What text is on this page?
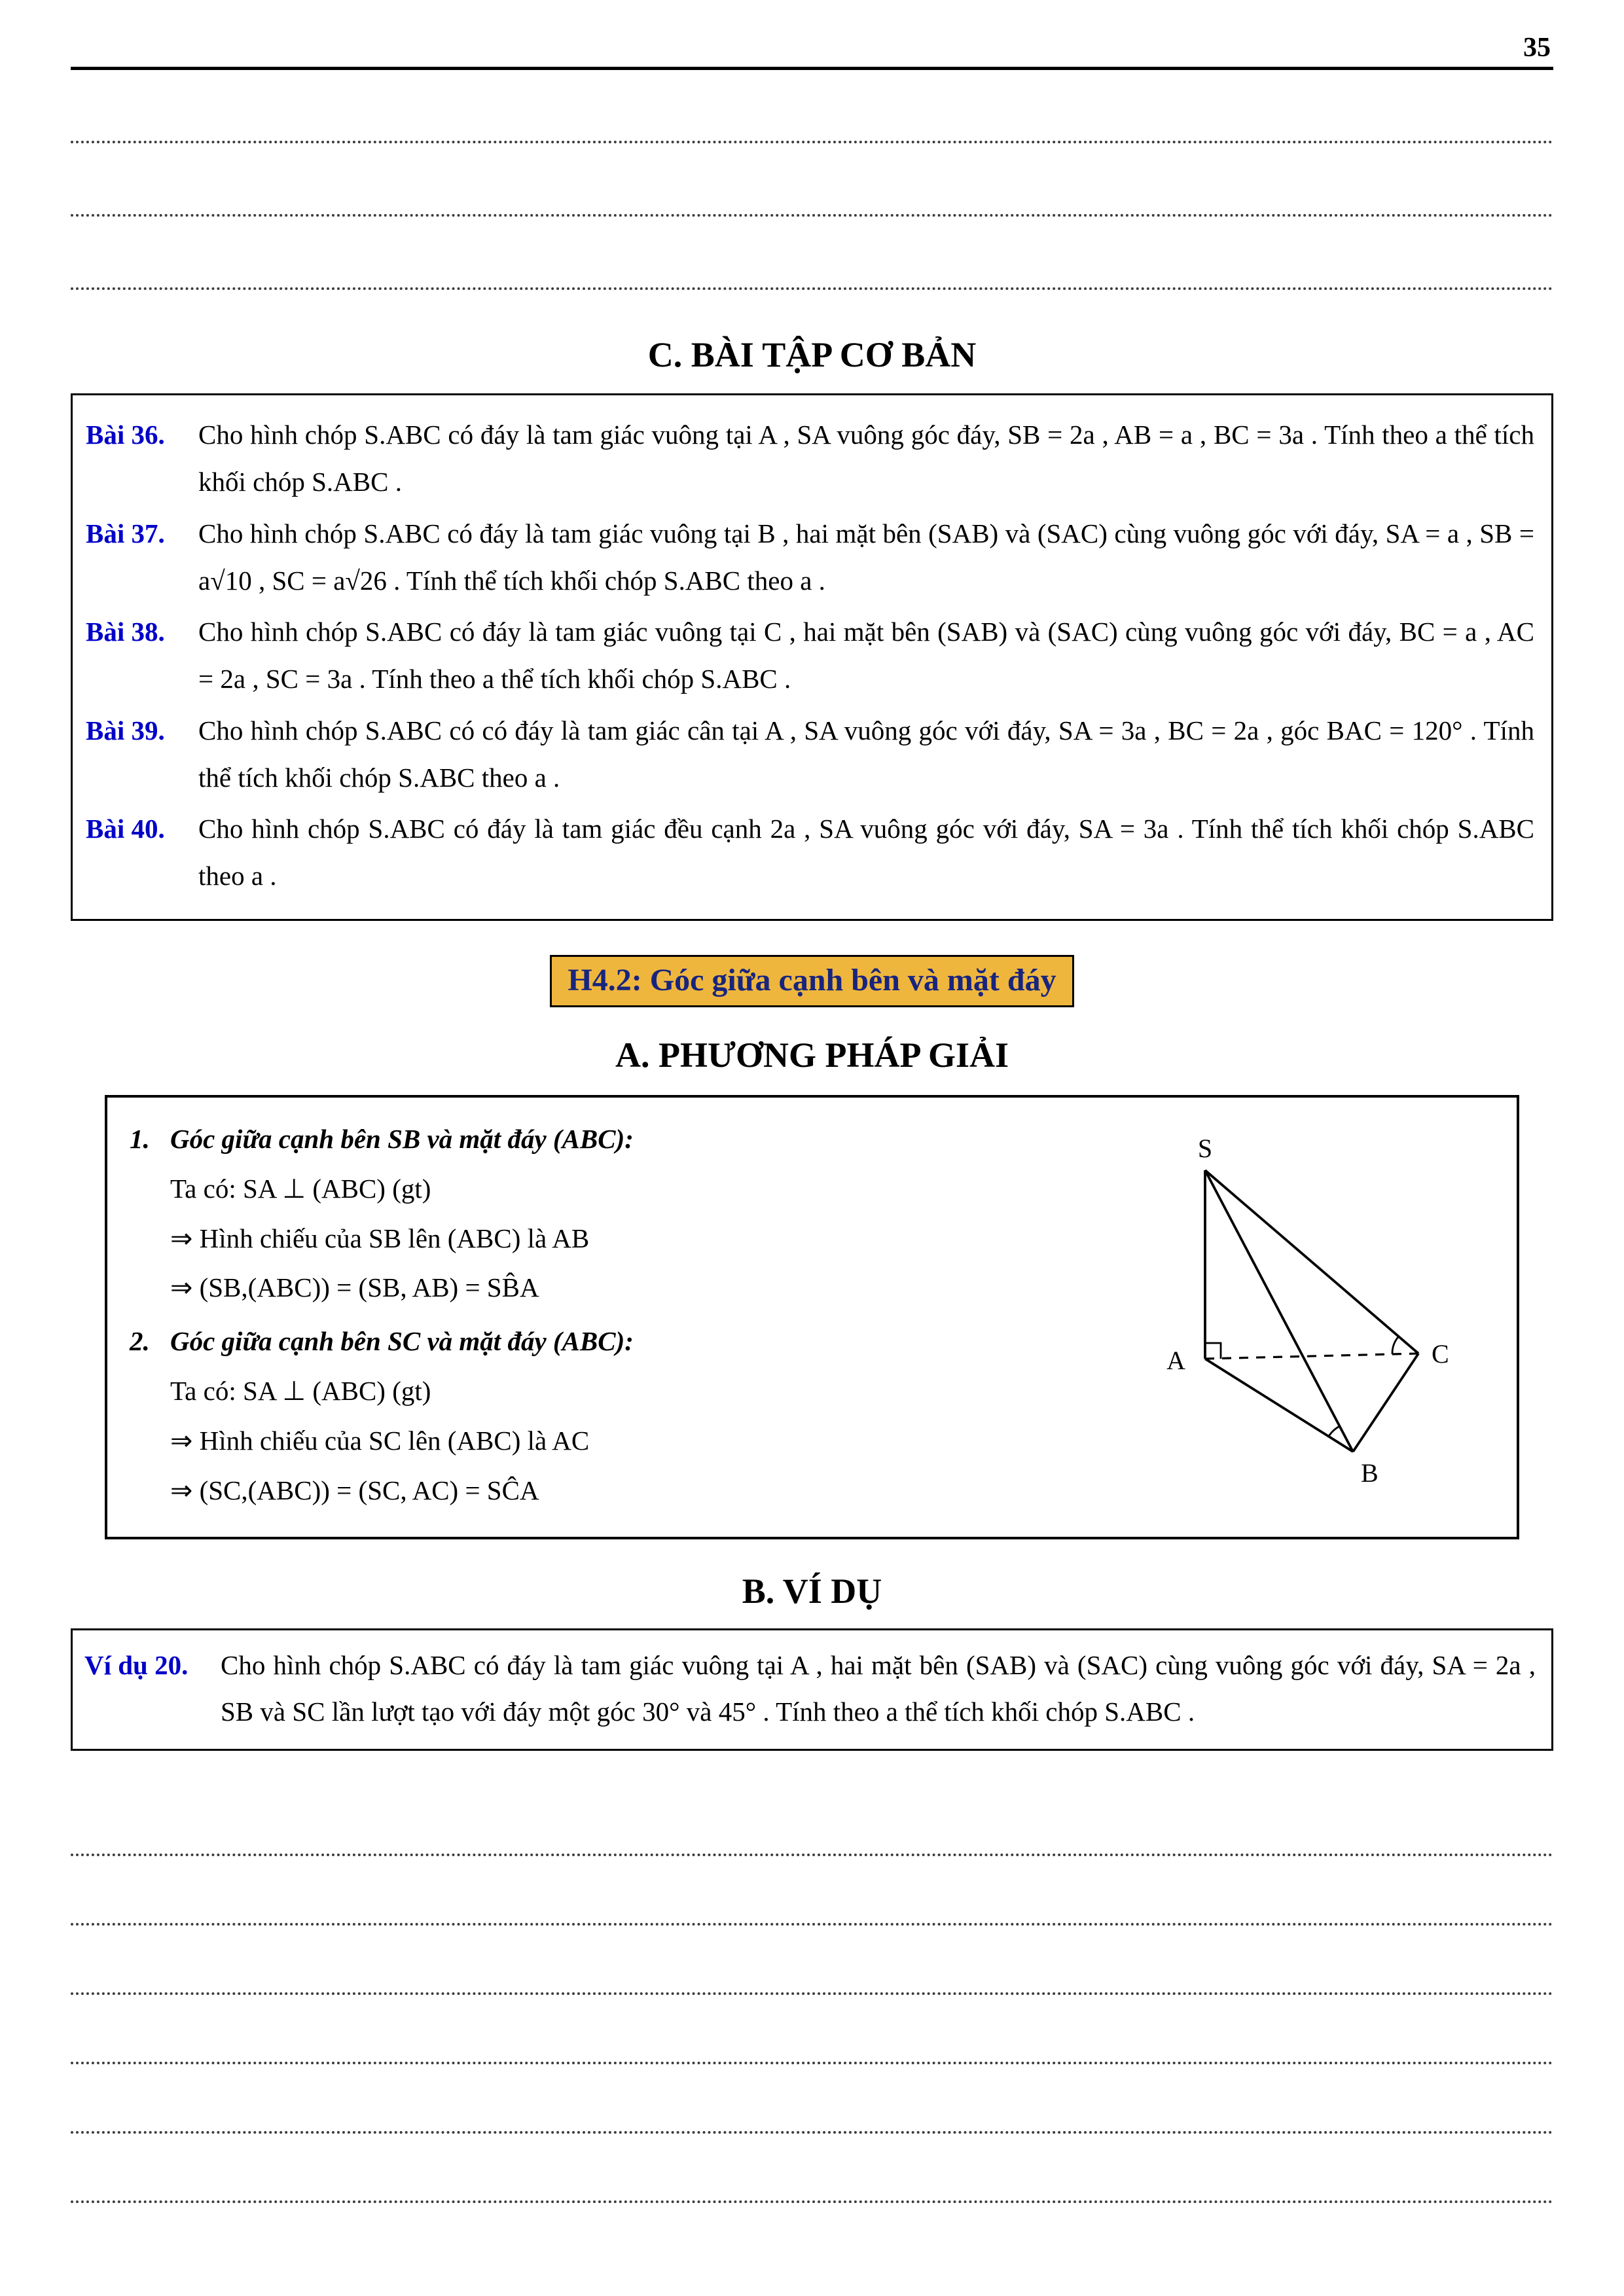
35
C. BÀI TẬP CƠ BẢN
Bài 36.	Cho hình chóp S.ABC có đáy là tam giác vuông tại A , SA vuông góc đáy, SB = 2a , AB = a , BC = 3a . Tính theo a thể tích khối chóp S.ABC .
Bài 37.	Cho hình chóp S.ABC có đáy là tam giác vuông tại B , hai mặt bên (SAB) và (SAC) cùng vuông góc với đáy, SA = a , SB = a√10 , SC = a√26 . Tính thể tích khối chóp S.ABC theo a .
Bài 38.	Cho hình chóp S.ABC có đáy là tam giác vuông tại C , hai mặt bên (SAB) và (SAC) cùng vuông góc với đáy, BC = a , AC = 2a , SC = 3a . Tính theo a thể tích khối chóp S.ABC .
Bài 39.	Cho hình chóp S.ABC có có đáy là tam giác cân tại A , SA vuông góc với đáy, SA = 3a , BC = 2a , góc BAC = 120° . Tính thể tích khối chóp S.ABC theo a .
Bài 40.	Cho hình chóp S.ABC có đáy là tam giác đều cạnh 2a , SA vuông góc với đáy, SA = 3a . Tính thể tích khối chóp S.ABC theo a .
H4.2: Góc giữa cạnh bên và mặt đáy
A. PHƯƠNG PHÁP GIẢI
1. Góc giữa cạnh bên SB và mặt đáy (ABC):
Ta có: SA ⊥ (ABC) (gt)
⇒ Hình chiếu của SB lên (ABC) là AB
⇒ (SB,(ABC)) = (SB, AB) = SB̂A
2. Góc giữa cạnh bên SC và mặt đáy (ABC):
Ta có: SA ⊥ (ABC) (gt)
⇒ Hình chiếu của SC lên (ABC) là AC
⇒ (SC,(ABC)) = (SC, AC) = SĈA
S
A	C
B
B. VÍ DỤ
Ví dụ 20.	Cho hình chóp S.ABC có đáy là tam giác vuông tại A , hai mặt bên (SAB) và (SAC) cùng vuông góc với đáy, SA = 2a , SB và SC lần lượt tạo với đáy một góc 30° và 45° . Tính theo a thể tích khối chóp S.ABC .
